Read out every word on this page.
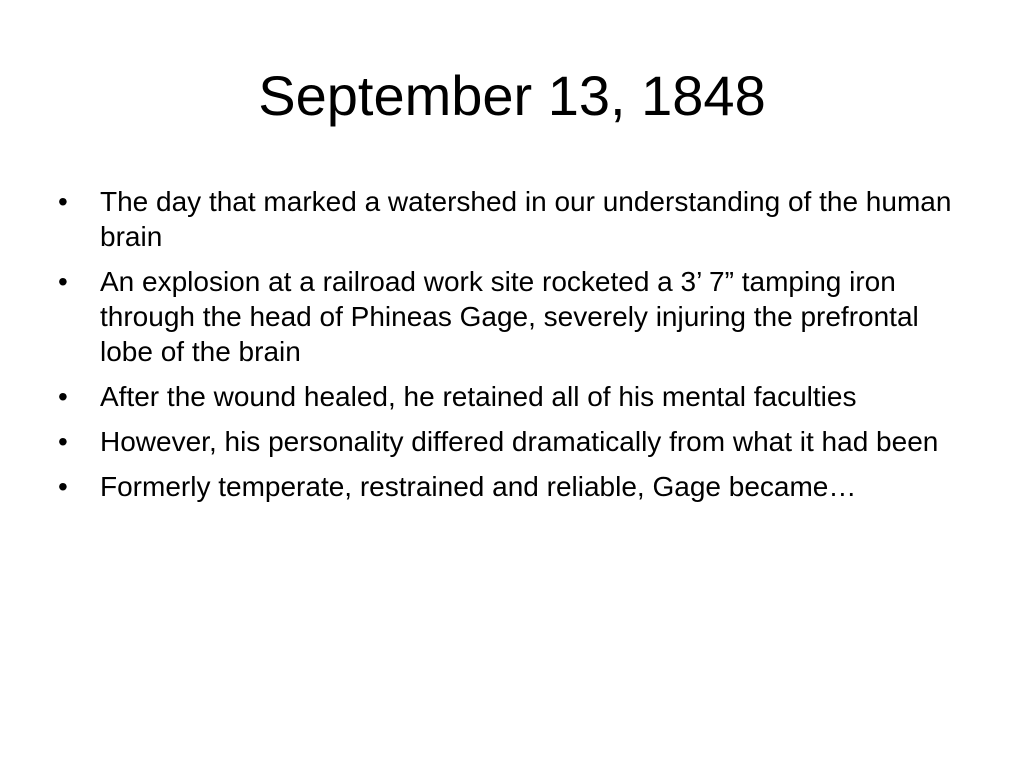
September 13, 1848
•	The day that marked a watershed in our understanding of the human brain
•	An explosion at a railroad work site rocketed a 3’ 7” tamping iron through the head of Phineas Gage, severely injuring the prefrontal lobe of the brain
•	After the wound healed, he retained all of his mental faculties
•	However, his personality differed dramatically from what it had been
•	Formerly temperate, restrained and reliable, Gage became…
